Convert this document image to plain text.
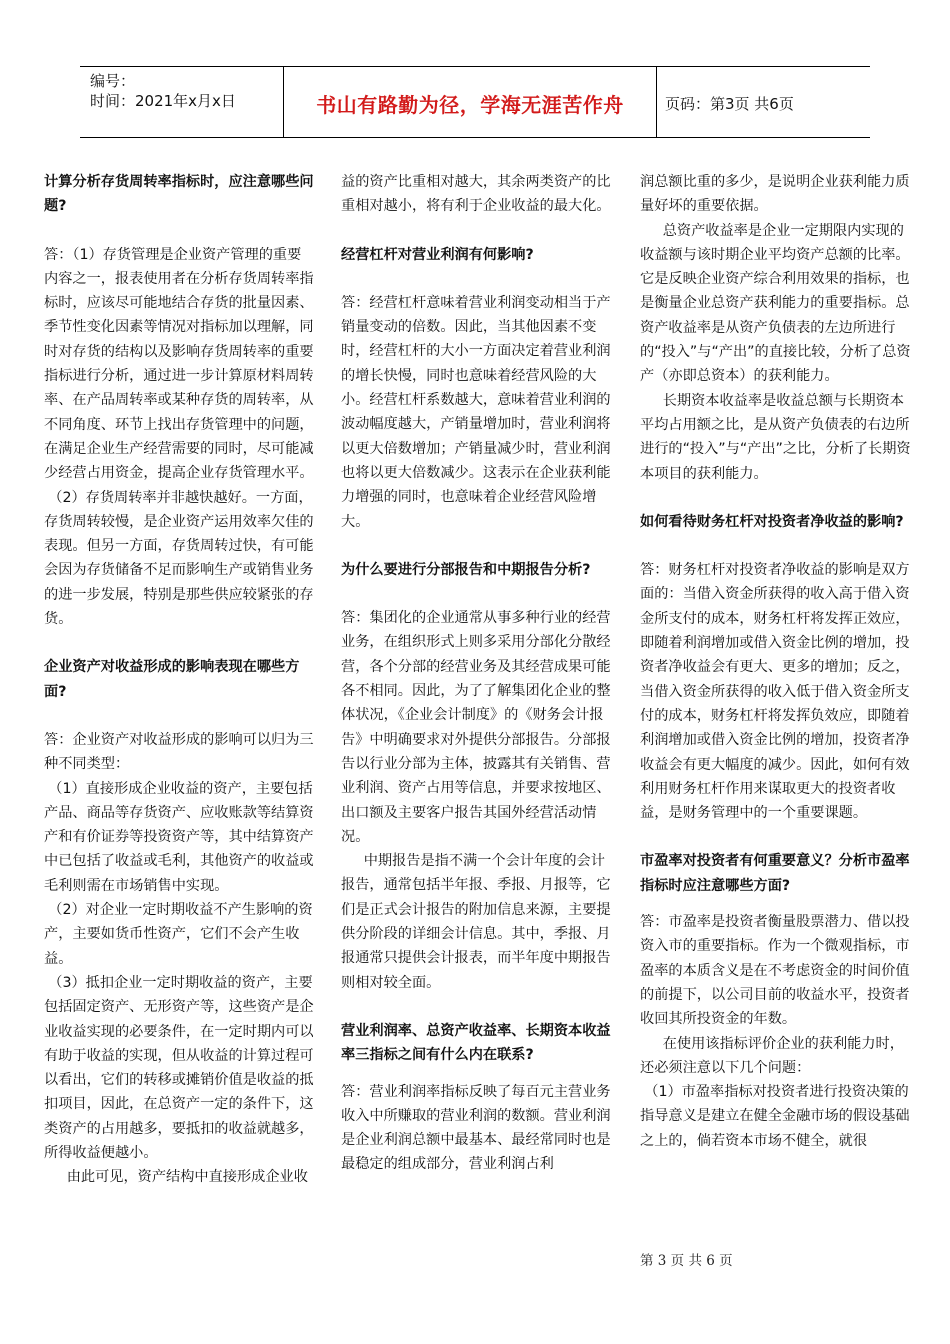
编号：
时间：2021年x月x日	书山有路勤为径，学海无涯苦作舟	页码：第3页 共6页

计算分析存货周转率指标时，应注意哪些问题?

答：（1）存货管理是企业资产管理的重要内容之一，报表使用者在分析存货周转率指标时，应该尽可能地结合存货的批量因素、季节性变化因素等情况对指标加以理解，同时对存货的结构以及影响存货周转率的重要指标进行分析，通过进一步计算原材料周转率、在产品周转率或某种存货的周转率，从不同角度、环节上找出存货管理中的问题，在满足企业生产经营需要的同时，尽可能减少经营占用资金，提高企业存货管理水平。

（2）存货周转率并非越快越好。一方面，存货周转较慢，是企业资产运用效率欠佳的表现。但另一方面，存货周转过快，有可能会因为存货储备不足而影响生产或销售业务的进一步发展，特别是那些供应较紧张的存货。

企业资产对收益形成的影响表现在哪些方面?

答：企业资产对收益形成的影响可以归为三种不同类型：

（1）直接形成企业收益的资产，主要包括产品、商品等存货资产、应收账款等结算资产和有价证券等投资资产等，其中结算资产中已包括了收益或毛利，其他资产的收益或毛利则需在市场销售中实现。

（2）对企业一定时期收益不产生影响的资产，主要如货币性资产，它们不会产生收益。

（3）抵扣企业一定时期收益的资产，主要包括固定资产、无形资产等，这些资产是企业收益实现的必要条件，在一定时期内可以有助于收益的实现，但从收益的计算过程可以看出，它们的转移或摊销价值是收益的抵扣项目，因此，在总资产一定的条件下，这类资产的占用越多，要抵扣的收益就越多，所得收益便越小。

由此可见，资产结构中直接形成企业收

益的资产比重相对越大，其余两类资产的比重相对越小，将有利于企业收益的最大化。

经营杠杆对营业利润有何影响?

答：经营杠杆意味着营业利润变动相当于产销量变动的倍数。因此，当其他因素不变时，经营杠杆的大小一方面决定着营业利润的增长快慢，同时也意味着经营风险的大小。经营杠杆系数越大，意味着营业利润的波动幅度越大，产销量增加时，营业利润将以更大倍数增加；产销量减少时，营业利润也将以更大倍数减少。这表示在企业获利能力增强的同时，也意味着企业经营风险增大。

为什么要进行分部报告和中期报告分析?

答：集团化的企业通常从事多种行业的经营业务，在组织形式上则多采用分部化分散经营，各个分部的经营业务及其经营成果可能各不相同。因此，为了了解集团化企业的整体状况，《企业会计制度》的《财务会计报告》中明确要求对外提供分部报告。分部报告以行业分部为主体，披露其有关销售、营业利润、资产占用等信息，并要求按地区、出口额及主要客户报告其国外经营活动情况。

中期报告是指不满一个会计年度的会计报告，通常包括半年报、季报、月报等，它们是正式会计报告的附加信息来源，主要提供分阶段的详细会计信息。其中，季报、月报通常只提供会计报表，而半年度中期报告则相对较全面。

营业利润率、总资产收益率、长期资本收益率三指标之间有什么内在联系?

答：营业利润率指标反映了每百元主营业务收入中所赚取的营业利润的数额。营业利润是企业利润总额中最基本、最经常同时也是最稳定的组成部分，营业利润占利

润总额比重的多少，是说明企业获利能力质量好坏的重要依据。

总资产收益率是企业一定期限内实现的收益额与该时期企业平均资产总额的比率。它是反映企业资产综合利用效果的指标，也是衡量企业总资产获利能力的重要指标。总资产收益率是从资产负债表的左边所进行的“投入”与“产出”的直接比较，分析了总资产（亦即总资本）的获利能力。

长期资本收益率是收益总额与长期资本平均占用额之比，是从资产负债表的右边所进行的“投入”与“产出”之比，分析了长期资本项目的获利能力。

如何看待财务杠杆对投资者净收益的影响?

答：财务杠杆对投资者净收益的影响是双方面的：当借入资金所获得的收入高于借入资金所支付的成本，财务杠杆将发挥正效应，即随着利润增加或借入资金比例的增加，投资者净收益会有更大、更多的增加；反之，当借入资金所获得的收入低于借入资金所支付的成本，财务杠杆将发挥负效应，即随着利润增加或借入资金比例的增加，投资者净收益会有更大幅度的减少。因此，如何有效利用财务杠杆作用来谋取更大的投资者收益，是财务管理中的一个重要课题。

市盈率对投资者有何重要意义？分析市盈率指标时应注意哪些方面?

答：市盈率是投资者衡量股票潜力、借以投资入市的重要指标。作为一个微观指标，市盈率的本质含义是在不考虑资金的时间价值的前提下，以公司目前的收益水平，投资者收回其所投资金的年数。

在使用该指标评价企业的获利能力时，还必须注意以下几个问题：

（1）市盈率指标对投资者进行投资决策的指导意义是建立在健全金融市场的假设基础之上的，倘若资本市场不健全，就很

第 3 页 共 6 页
